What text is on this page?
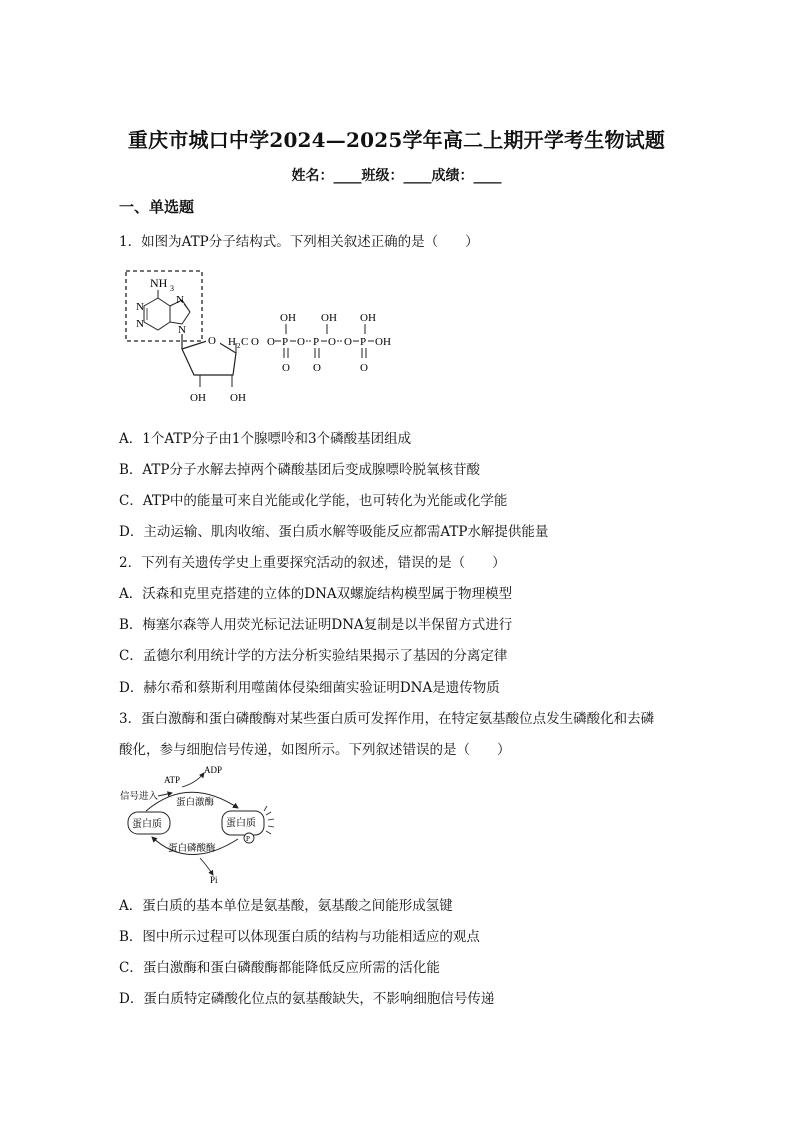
重庆市城口中学2024—2025学年高二上期开学考生物试题
姓名：____班级：____成绩：____
一、单选题
1．如图为ATP分子结构式。下列相关叙述正确的是（　　）
NH 3
N
N
N
N
O
OH OH
H 2 C O O P O P O O P OH
OH OH OH
O O	O
A．1个ATP分子由1个腺嘌呤和3个磷酸基团组成
B．ATP分子水解去掉两个磷酸基团后变成腺嘌呤脱氧核苷酸
C．ATP中的能量可来自光能或化学能，也可转化为光能或化学能
D．主动运输、肌肉收缩、蛋白质水解等吸能反应都需ATP水解提供能量
2．下列有关遗传学史上重要探究活动的叙述，错误的是（　　）
A．沃森和克里克搭建的立体的DNA双螺旋结构模型属于物理模型
B．梅塞尔森等人用荧光标记法证明DNA复制是以半保留方式进行
C．孟德尔利用统计学的方法分析实验结果揭示了基因的分离定律
D．赫尔希和蔡斯利用噬菌体侵染细菌实验证明DNA是遗传物质
3．蛋白激酶和蛋白磷酸酶对某些蛋白质可发挥作用，在特定氨基酸位点发生磷酸化和去磷
酸化，参与细胞信号传递，如图所示。下列叙述错误的是（　　）
ADP
ATP
信号进入
蛋白激酶
蛋白质	蛋白质
P
蛋白磷酸酶
Pi
A．蛋白质的基本单位是氨基酸，氨基酸之间能形成氢键
B．图中所示过程可以体现蛋白质的结构与功能相适应的观点
C．蛋白激酶和蛋白磷酸酶都能降低反应所需的活化能
D．蛋白质特定磷酸化位点的氨基酸缺失，不影响细胞信号传递
